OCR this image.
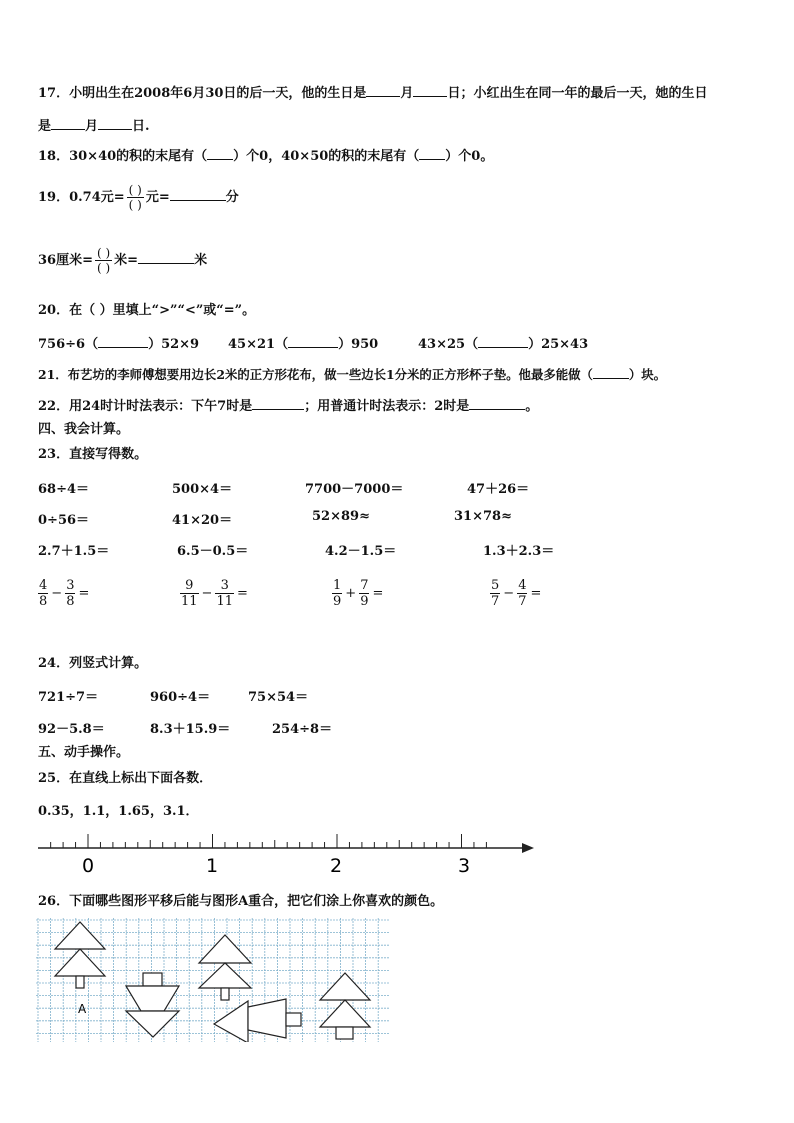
17．小明出生在2008年6月30日的后一天，他的生日是	月	日；小红出生在同一年的最后一天，她的生日
是	月	日.
18．30×40的积的末尾有（ ）个0，40×50的积的末尾有（ ）个0。
19．0.74元= $\frac{( )}{( )}$ 元=	分
36厘米= $\frac{( )}{( )}$ 米=	米
20．在（ ）里填上“>”“<”或“=”。
756÷6（	）52×9 45×21（	）950	43×25（	）25×43
21．布艺坊的李师傅想要用边长2米的正方形花布，做一些边长1分米的正方形杯子垫。他最多能做（	）块。
22．用24时计时法表示：下午7时是	；用普通计时法表示：2时是	。
四、我会计算。
23．直接写得数。
68÷4＝	500×4＝	7700－7000＝	47＋26＝
0÷56＝	41×20＝	52×89≈	31×78≈
2.7＋1.5＝	6.5－0.5＝	4.2－1.5＝	1.3＋2.3＝
$\frac{4}{8} - \frac{3}{8}$ =	$\frac{9}{11} - \frac{3}{11}$ =	$\frac{1}{9} + \frac{7}{9}$ =	$\frac{5}{7} - \frac{4}{7}$ =
24．列竖式计算。
721÷7＝	960÷4＝	75×54＝
92－5.8＝	8.3＋15.9＝	254÷8＝
五、动手操作。
25．在直线上标出下面各数．
0.35，1.1，1.65，3.1．
0	1	2	3
26．下面哪些图形平移后能与图形A重合，把它们涂上你喜欢的颜色。
A
